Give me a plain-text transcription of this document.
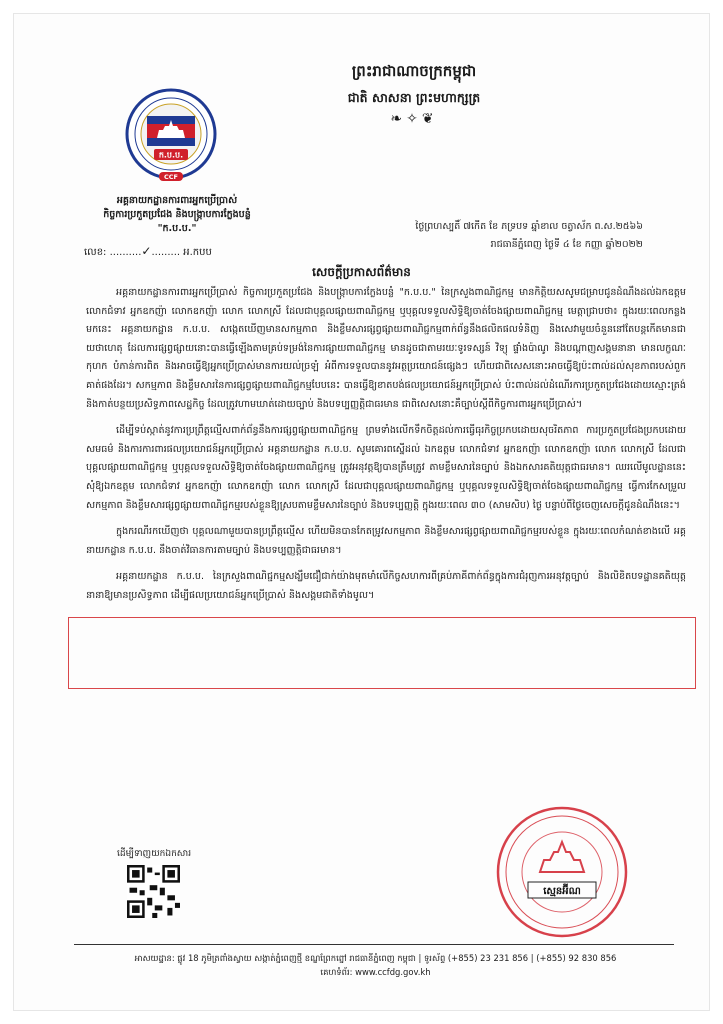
ក.ប.ប.
CCF
អគ្គនាយកដ្ឋានការពារអ្នកប្រើប្រាស់
កិច្ចការប្រកួតប្រជែង និងបង្ក្រាបការក្លែងបន្លំ
"ក.ប.ប."
លេខ: ..........✓......... អ.កបប
ព្រះរាជាណាចក្រកម្ពុជា
ជាតិ សាសនា ព្រះមហាក្សត្រ
❧✧❦
ថ្ងៃព្រហស្បតិ៍ ៧កើត ខែ ភទ្របទ ឆ្នាំខាល ចត្វាស័ក ព.ស.២៥៦៦
រាជធានីភ្នំពេញ ថ្ងៃទី ៤ ខែ កញ្ញា ឆ្នាំ២០២២
សេចក្ដីប្រកាសព័ត៌មាន

អគ្គនាយកដ្ឋានការពារអ្នកប្រើប្រាស់ កិច្ចការប្រកួតប្រជែង និងបង្ក្រាបការក្លែងបន្លំ "ក.ប.ប." នៃក្រសួងពាណិជ្ជកម្ម មានកិត្តិយសសូមជម្រាបជូនដំណឹងដល់ឯកឧត្តម លោកជំទាវ អ្នកឧកញ៉ា លោកឧកញ៉ា លោក លោកស្រី ដែលជាបុគ្គលផ្សាយពាណិជ្ជកម្ម ឬបុគ្គលទទួលសិទ្ធិឱ្យចាត់ចែងផ្សាយពាណិជ្ជកម្ម មេត្តាជ្រាបថា៖ ក្នុងរយៈពេលកន្លងមកនេះ អគ្គនាយកដ្ឋាន ក.ប.ប. សង្កេតឃើញមានសកម្មភាព និងខ្លឹមសារផ្សព្វផ្សាយពាណិជ្ជកម្មពាក់ព័ន្ធនឹងផលិតផលទំនិញ និងសេវាមួយចំនួននៅតែបន្តកើតមានជាយថាហេតុ ដែលការផ្សព្វផ្សាយនោះបានធ្វើឡើងតាមគ្រប់ទម្រង់នៃការផ្សាយពាណិជ្ជកម្ម មានដូចជាតាមរយៈទូរទស្សន៍ វិទ្យុ ផ្ទាំងប៉ាណូ និងបណ្ដាញសង្គមនានា មានលក្ខណៈកុហក បំភាន់ការពិត និងអាចធ្វើឱ្យអ្នកប្រើប្រាស់មានការយល់ច្រឡំ អំពីការទទួលបាននូវអត្ថប្រយោជន៍ផ្សេងៗ ហើយជាពិសេសនោះអាចធ្វើឱ្យប៉ះពាល់ដល់សុខភាពរបស់ពួកគាត់ផងដែរ។ សកម្មភាព និងខ្លឹមសារនៃការផ្សព្វផ្សាយពាណិជ្ជកម្មបែបនេះ បានធ្វើឱ្យខាតបង់ផលប្រយោជន៍អ្នកប្រើប្រាស់ ប៉ះពាល់ដល់ដំណើរការប្រកួតប្រជែងដោយស្មោះត្រង់ និងកាត់បន្ថយប្រសិទ្ធភាពសេដ្ឋកិច្ច ដែលត្រូវហាមឃាត់ដោយច្បាប់ និងបទប្បញ្ញត្តិជាធរមាន ជាពិសេសនោះគឺច្បាប់ស្ដីពីកិច្ចការពារអ្នកប្រើប្រាស់។

ដើម្បីទប់ស្កាត់នូវការប្រព្រឹត្តល្មើសពាក់ព័ន្ធនឹងការផ្សព្វផ្សាយពាណិជ្ជកម្ម ព្រមទាំងលើកទឹកចិត្តដល់ការធ្វើធុរកិច្ចប្រកបដោយសុចរិតភាព ការប្រកួតប្រជែងប្រកបដោយសមធម៌ និងការការពារផលប្រយោជន៍អ្នកប្រើប្រាស់ អគ្គនាយកដ្ឋាន ក.ប.ប. សូមគោរពស្នើដល់ ឯកឧត្តម លោកជំទាវ អ្នកឧកញ៉ា លោកឧកញ៉ា លោក លោកស្រី ដែលជាបុគ្គលផ្សាយពាណិជ្ជកម្ម ឬបុគ្គលទទួលសិទ្ធិឱ្យចាត់ចែងផ្សាយពាណិជ្ជកម្ម ត្រូវអនុវត្តឱ្យបានត្រឹមត្រូវ តាមខ្លឹមសារនៃច្បាប់ និងឯកសារគតិយុត្តជាធរមាន។ ឈរលើមូលដ្ឋាននេះ សុំឱ្យឯកឧត្តម លោកជំទាវ អ្នកឧកញ៉ា លោកឧកញ៉ា លោក លោកស្រី ដែលជាបុគ្គលផ្សាយពាណិជ្ជកម្ម ឬបុគ្គលទទួលសិទ្ធិឱ្យចាត់ចែងផ្សាយពាណិជ្ជកម្ម ធ្វើការកែសម្រួលសកម្មភាព និងខ្លឹមសារផ្សព្វផ្សាយពាណិជ្ជកម្មរបស់ខ្លួនឱ្យស្របតាមខ្លឹមសារនៃច្បាប់ និងបទប្បញ្ញត្តិ ក្នុងរយៈពេល ៣០ (សាមសិប) ថ្ងៃ បន្ទាប់ពីថ្ងៃចេញសេចក្ដីជូនដំណឹងនេះ។

ក្នុងករណីរកឃើញថា បុគ្គលណាមួយបានប្រព្រឹត្តល្មើស ហើយមិនបានកែតម្រូវសកម្មភាព និងខ្លឹមសារផ្សព្វផ្សាយពាណិជ្ជកម្មរបស់ខ្លួន ក្នុងរយៈពេលកំណត់ខាងលើ អគ្គនាយកដ្ឋាន ក.ប.ប. នឹងចាត់វិធានការតាមច្បាប់ និងបទប្បញ្ញត្តិជាធរមាន។

អគ្គនាយកដ្ឋាន ក.ប.ប. នៃក្រសួងពាណិជ្ជកម្មសង្ឃឹមជឿជាក់យ៉ាងមុតមាំលើកិច្ចសហការពីគ្រប់ភាគីពាក់ព័ន្ធក្នុងការជំរុញការអនុវត្តច្បាប់ និងលិខិតបទដ្ឋានគតិយុត្តនានាឱ្យមានប្រសិទ្ធភាព ដើម្បីផលប្រយោជន៍អ្នកប្រើប្រាស់ និងសង្គមជាតិទាំងមូល។

ស្មេនអ៊ីណ
ដើម្បីទាញយកឯកសារ
អាសយដ្ឋាន: ផ្លូវ 18 ភូមិត្រពាំងស្វាយ សង្កាត់ភ្នំពេញថ្មី ខណ្ឌព្រែកព្នៅ រាជធានីភ្នំពេញ កម្ពុជា | ទូរស័ព្ទ (+855) 23 231 856 | (+855) 92 830 856
គេហទំព័រ: www.ccfdg.gov.kh
